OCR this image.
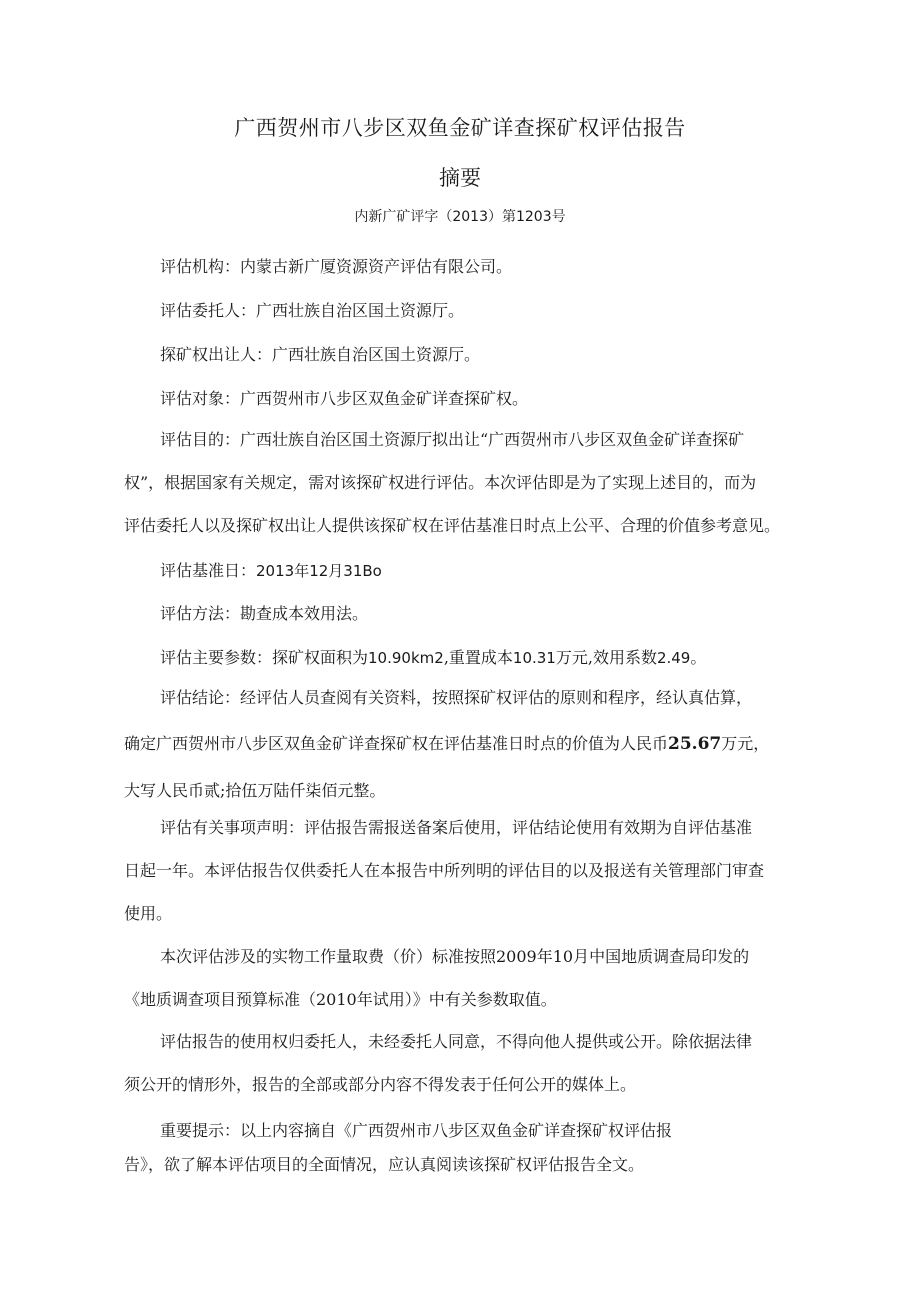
广西贺州市八步区双鱼金矿详查探矿权评估报告
摘要
内新广矿评字（2013）第1203号
评估机构：内蒙古新广厦资源资产评估有限公司。
评估委托人：广西壮族自治区国土资源厅。
探矿权出让人：广西壮族自治区国土资源厅。
评估对象：广西贺州市八步区双鱼金矿详查探矿权。
评估目的：广西壮族自治区国土资源厅拟出让“广西贺州市八步区双鱼金矿详查探矿
权”，根据国家有关规定，需对该探矿权进行评估。本次评估即是为了实现上述目的，而为
评估委托人以及探矿权出让人提供该探矿权在评估基准日时点上公平、合理的价值参考意见。
评估基准日：2013年12月31Bo
评估方法：勘查成本效用法。
评估主要参数：探矿权面积为10.90km2,重置成本10.31万元,效用系数2.49。
评估结论：经评估人员查阅有关资料，按照探矿权评估的原则和程序，经认真估算，
确定广西贺州市八步区双鱼金矿详查探矿权在评估基准日时点的价值为人民币25.67万元，
大写人民币贰;拾伍万陆仟柒佰元整。
评估有关事项声明：评估报告需报送备案后使用，评估结论使用有效期为自评估基准
日起一年。本评估报告仅供委托人在本报告中所列明的评估目的以及报送有关管理部门审查
使用。
本次评估涉及的实物工作量取费（价）标准按照2009年10月中国地质调查局印发的
《地质调查项目预算标准（2010年试用）》中有关参数取值。
评估报告的使用权归委托人，未经委托人同意，不得向他人提供或公开。除依据法律
须公开的情形外，报告的全部或部分内容不得发表于任何公开的媒体上。
重要提示：以上内容摘自《广西贺州市八步区双鱼金矿详查探矿权评估报
告》，欲了解本评估项目的全面情况，应认真阅读该探矿权评估报告全文。
